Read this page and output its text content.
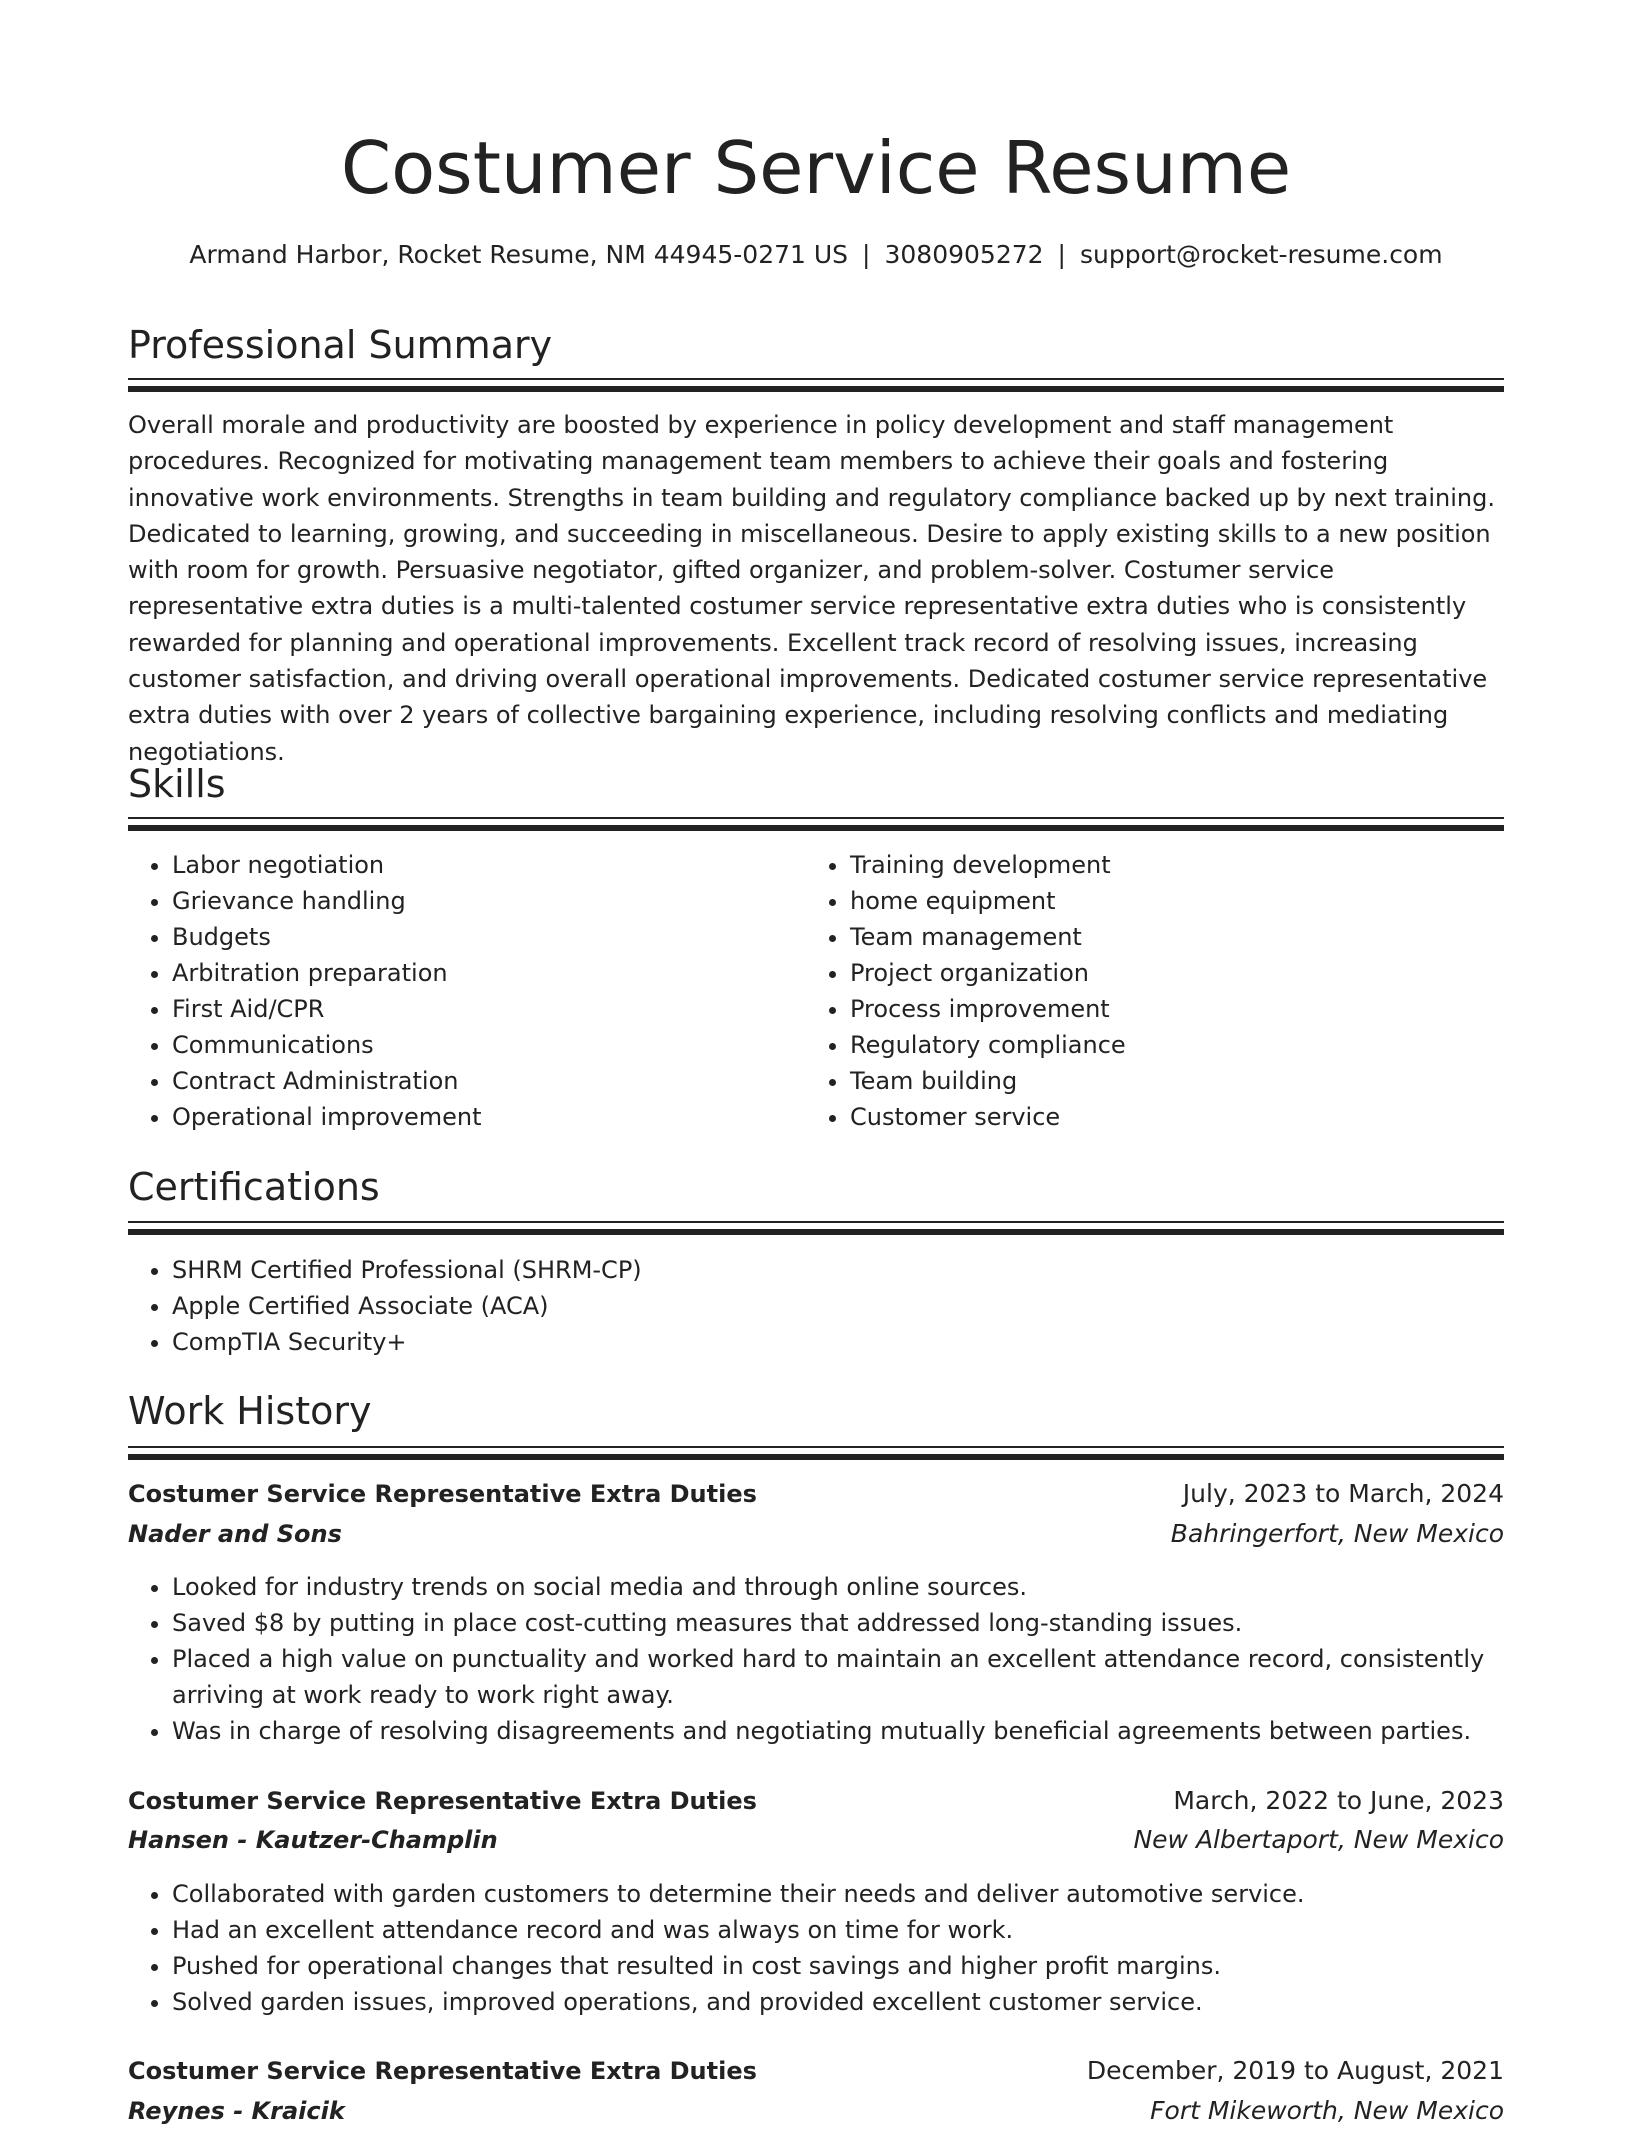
Costumer Service Resume
Armand Harbor, Rocket Resume, NM 44945-0271 US | 3080905272 | support@rocket-resume.com
Professional Summary

Overall morale and productivity are boosted by experience in policy development and staff management procedures. Recognized for motivating management team members to achieve their goals and fostering innovative work environments. Strengths in team building and regulatory compliance backed up by next training. Dedicated to learning, growing, and succeeding in miscellaneous. Desire to apply existing skills to a new position with room for growth. Persuasive negotiator, gifted organizer, and problem-solver. Costumer service representative extra duties is a multi-talented costumer service representative extra duties who is consistently rewarded for planning and operational improvements. Excellent track record of resolving issues, increasing customer satisfaction, and driving overall operational improvements. Dedicated costumer service representative extra duties with over 2 years of collective bargaining experience, including resolving conflicts and mediating negotiations.

Skills
• Labor negotiation
• Grievance handling
• Budgets
• Arbitration preparation
• First Aid/CPR
• Communications
• Contract Administration
• Operational improvement
• Training development
• home equipment
• Team management
• Project organization
• Process improvement
• Regulatory compliance
• Team building
• Customer service
Certifications
• SHRM Certified Professional (SHRM-CP)
• Apple Certified Associate (ACA)
• CompTIA Security+
Work History
Costumer Service Representative Extra Duties	July, 2023 to March, 2024
Nader and Sons	Bahringerfort, New Mexico
• Looked for industry trends on social media and through online sources.
• Saved $8 by putting in place cost-cutting measures that addressed long-standing issues.
• Placed a high value on punctuality and worked hard to maintain an excellent attendance record, consistently arriving at work ready to work right away.
• Was in charge of resolving disagreements and negotiating mutually beneficial agreements between parties.
Costumer Service Representative Extra Duties	March, 2022 to June, 2023
Hansen - Kautzer-Champlin	New Albertaport, New Mexico
• Collaborated with garden customers to determine their needs and deliver automotive service.
• Had an excellent attendance record and was always on time for work.
• Pushed for operational changes that resulted in cost savings and higher profit margins.
• Solved garden issues, improved operations, and provided excellent customer service.
Costumer Service Representative Extra Duties	December, 2019 to August, 2021
Reynes - Kraicik	Fort Mikeworth, New Mexico
